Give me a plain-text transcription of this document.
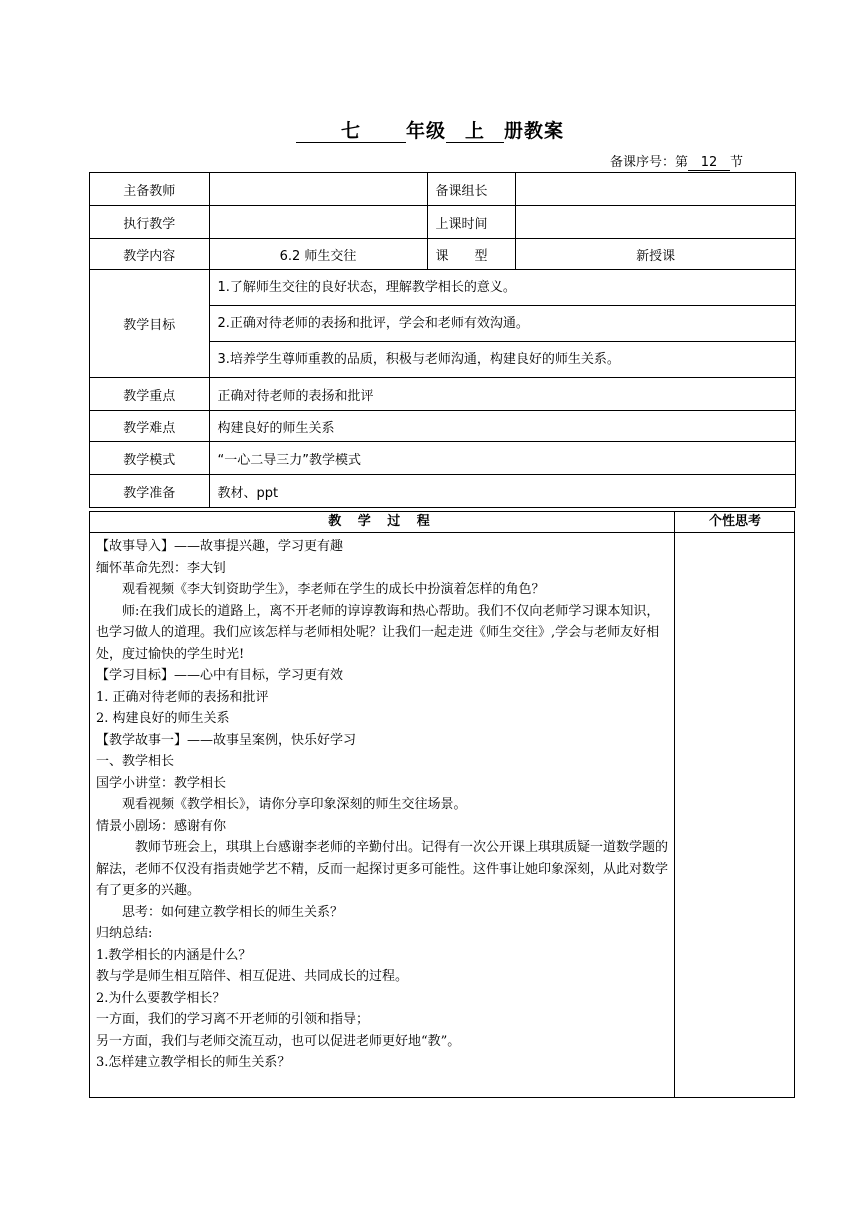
七 年级 上 册教案
备课序号：第 12 节
主备教师		备课组长	
执行教学		上课时间	
教学内容	6.2 师生交往	课　　型	新授课
教学目标	1.了解师生交往的良好状态，理解教学相长的意义。
2.正确对待老师的表扬和批评，学会和老师有效沟通。
3.培养学生尊师重教的品质，积极与老师沟通，构建良好的师生关系。		

教学重点	正确对待老师的表扬和批评		
教学难点	构建良好的师生关系		
教学模式	“一心二导三力”教学模式		
教学准备	教材、ppt		
教 学 过 程	个性思考

【故事导入】——故事提兴趣，学习更有趣

缅怀革命先烈：李大钊

观看视频《李大钊资助学生》，李老师在学生的成长中扮演着怎样的角色？

师:在我们成长的道路上，离不开老师的谆谆教诲和热心帮助。我们不仅向老师学习课本知识，也学习做人的道理。我们应该怎样与老师相处呢？让我们一起走进《师生交往》,学会与老师友好相处，度过愉快的学生时光!

【学习目标】——心中有目标，学习更有效

1. 正确对待老师的表扬和批评

2. 构建良好的师生关系

【教学故事一】——故事呈案例，快乐好学习

一、教学相长

国学小讲堂：教学相长

观看视频《教学相长》，请你分享印象深刻的师生交往场景。

情景小剧场：感谢有你

教师节班会上，琪琪上台感谢李老师的辛勤付出。记得有一次公开课上琪琪质疑一道数学题的解法，老师不仅没有指责她学艺不精，反而一起探讨更多可能性。这件事让她印象深刻，从此对数学有了更多的兴趣。

思考：如何建立教学相长的师生关系？

归纳总结:

1.教学相长的内涵是什么？

教与学是师生相互陪伴、相互促进、共同成长的过程。

2.为什么要教学相长？

一方面，我们的学习离不开老师的引领和指导；

另一方面，我们与老师交流互动，也可以促进老师更好地“教”。

3.怎样建立教学相长的师生关系？
